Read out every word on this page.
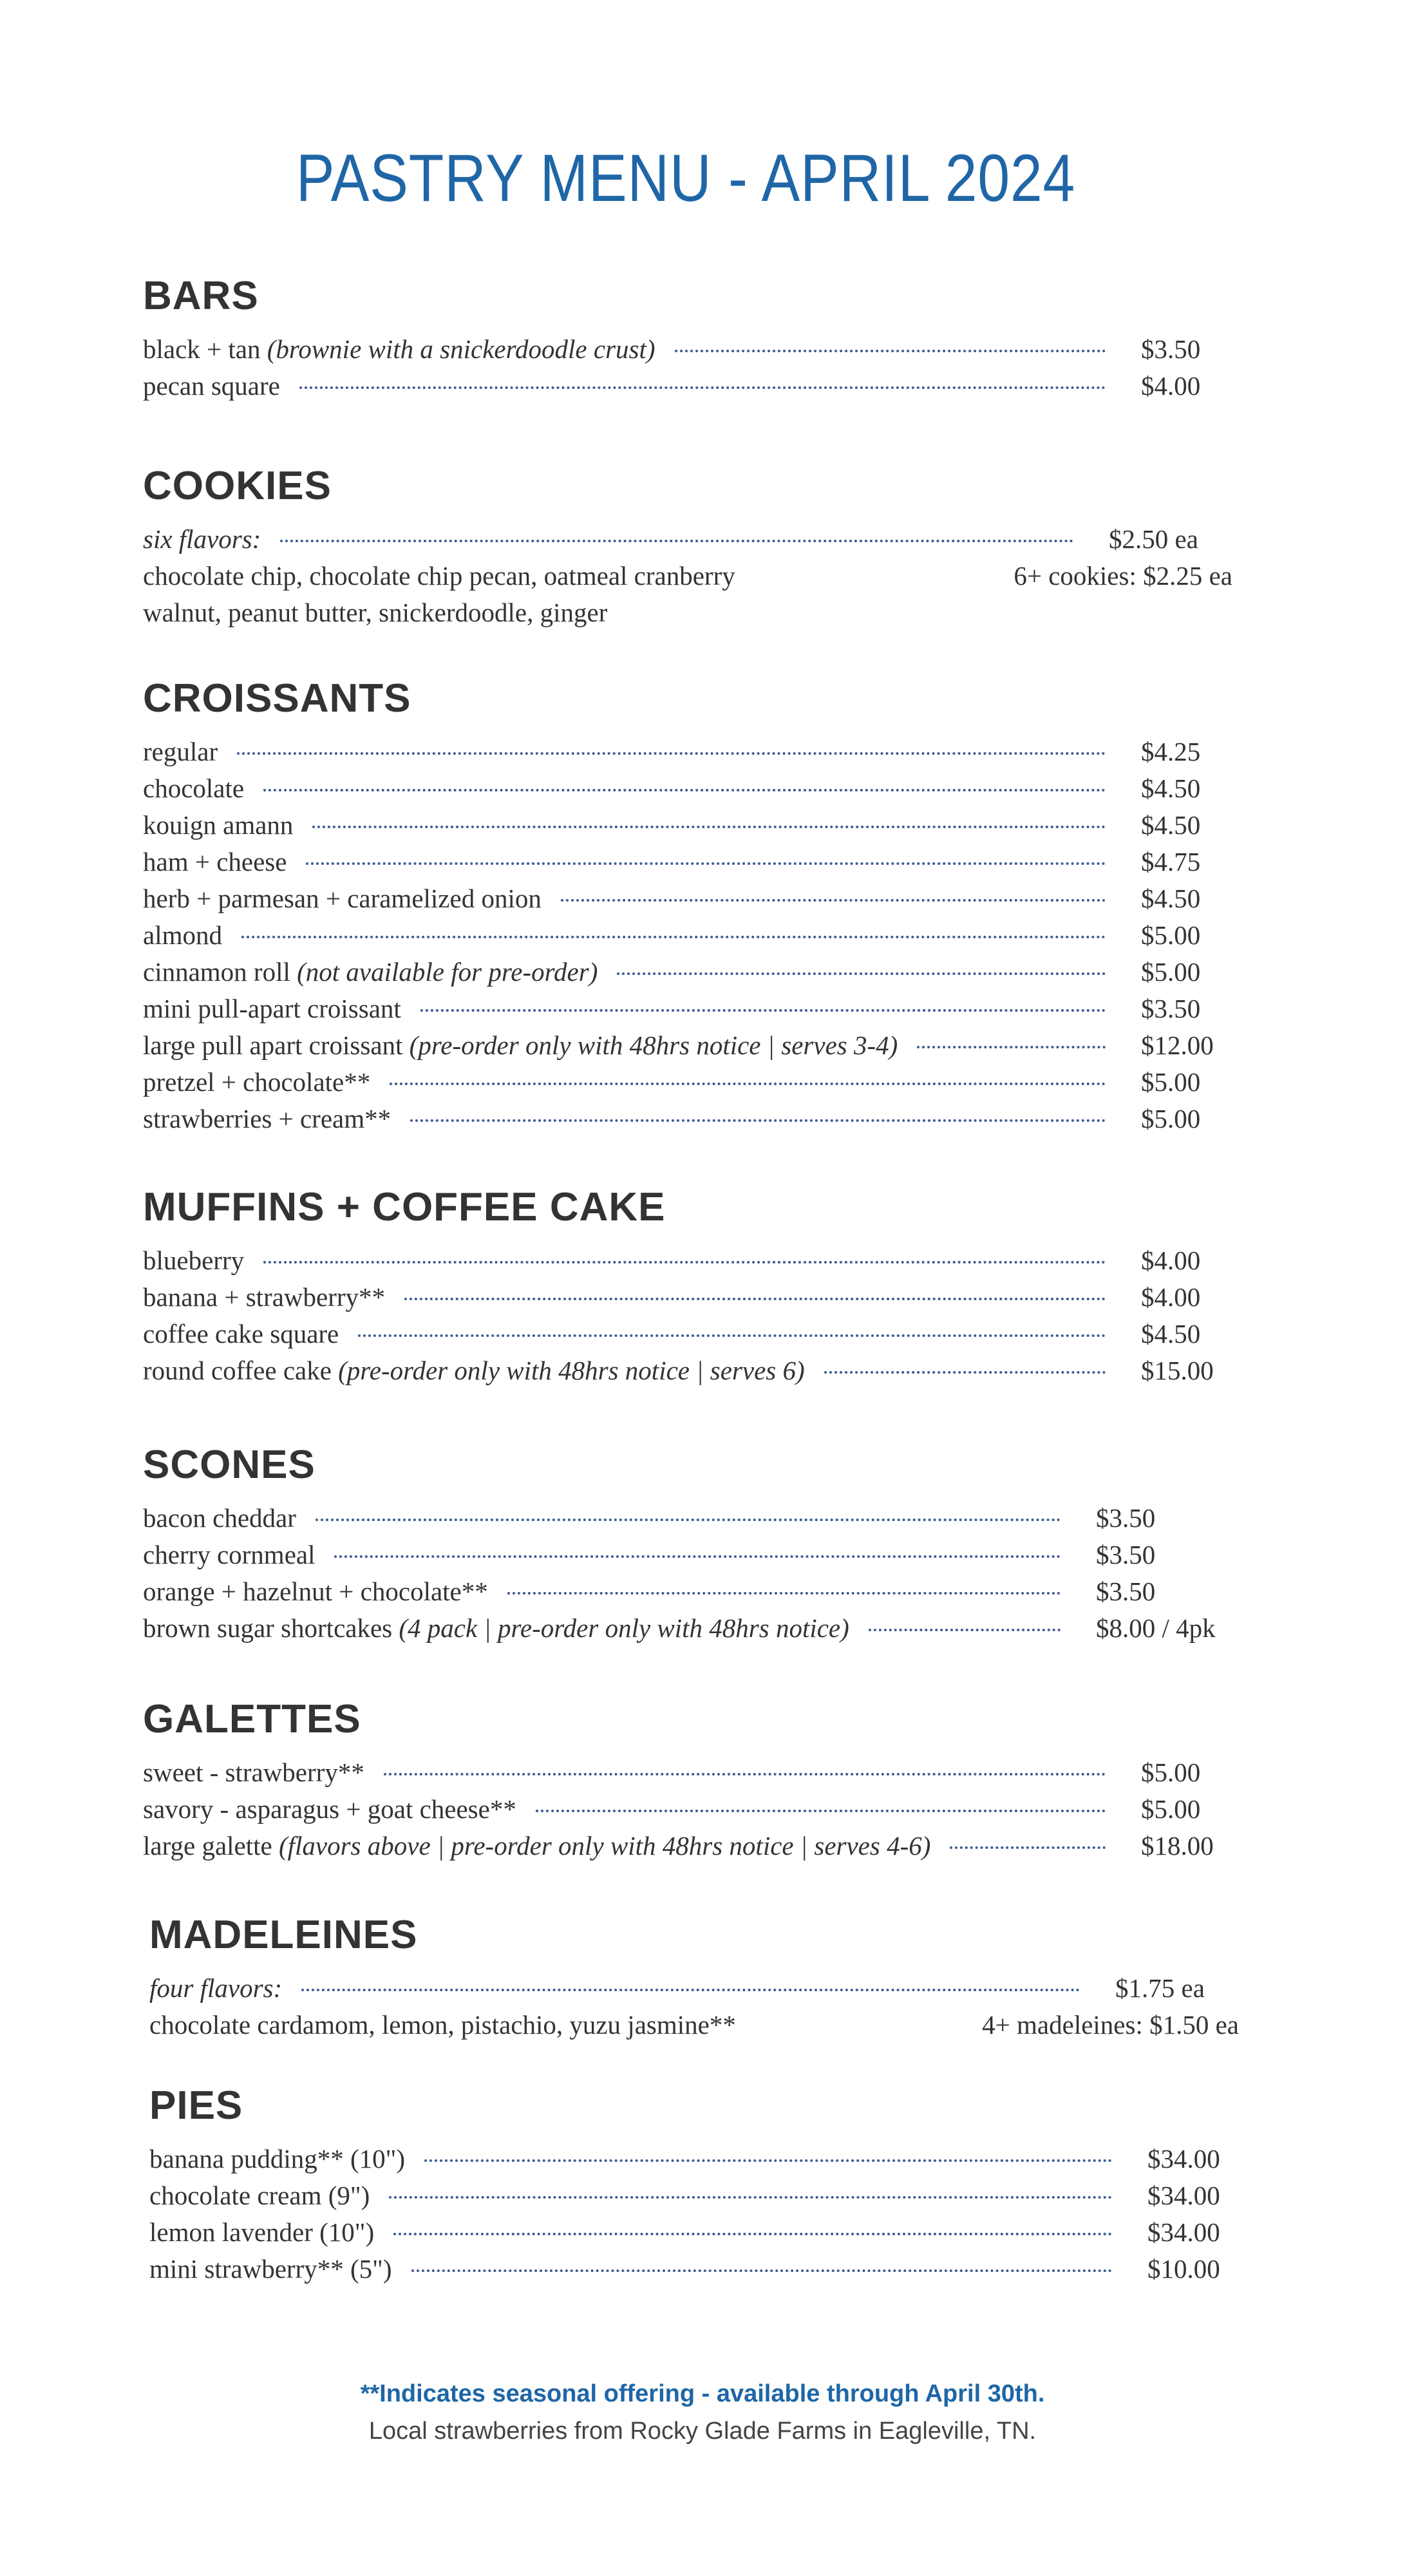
PASTRY MENU - APRIL 2024
BARS
black + tan (brownie with a snickerdoodle crust)	$3.50
pecan square	$4.00
COOKIES
six flavors:	$2.50 ea
chocolate chip, chocolate chip pecan, oatmeal cranberry	6+ cookies: $2.25 ea
walnut, peanut butter, snickerdoodle, ginger
CROISSANTS
regular	$4.25
chocolate	$4.50
kouign amann	$4.50
ham + cheese	$4.75
herb + parmesan + caramelized onion	$4.50
almond	$5.00
cinnamon roll (not available for pre-order)	$5.00
mini pull-apart croissant	$3.50
large pull apart croissant (pre-order only with 48hrs notice | serves 3-4)	$12.00
pretzel + chocolate**	$5.00
strawberries + cream**	$5.00
MUFFINS + COFFEE CAKE
blueberry	$4.00
banana + strawberry**	$4.00
coffee cake square	$4.50
round coffee cake (pre-order only with 48hrs notice | serves 6)	$15.00
SCONES
bacon cheddar	$3.50
cherry cornmeal	$3.50
orange + hazelnut + chocolate**	$3.50
brown sugar shortcakes (4 pack | pre-order only with 48hrs notice)	$8.00 / 4pk
GALETTES
sweet - strawberry**	$5.00
savory - asparagus + goat cheese**	$5.00
large galette (flavors above | pre-order only with 48hrs notice | serves 4-6)	$18.00
MADELEINES
four flavors:	$1.75 ea
chocolate cardamom, lemon, pistachio, yuzu jasmine**	4+ madeleines: $1.50 ea
PIES
banana pudding** (10")	$34.00
chocolate cream (9")	$34.00
lemon lavender (10")	$34.00
mini strawberry** (5")	$10.00
**Indicates seasonal offering - available through April 30th.
Local strawberries from Rocky Glade Farms in Eagleville, TN.
